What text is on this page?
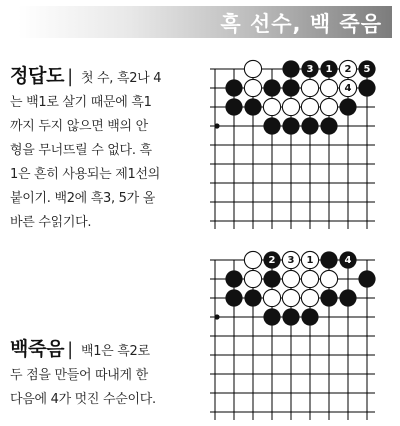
흑 선수, 백 죽음
정답도 | 첫 수, 흑2나 4
는 백1로 살기 때문에 흑1
까지 두지 않으면 백의 안
형을 무너뜨릴 수 없다. 흑
1은 흔히 사용되는 제1선의
붙이기. 백2에 흑3, 5가 올
바른 수읽기다.
백죽음 | 백1은 흑2로
두 점을 만들어 따내게 한
다음에 4가 멋진 수순이다.
3 1 2 5
4
2 3 1	4
